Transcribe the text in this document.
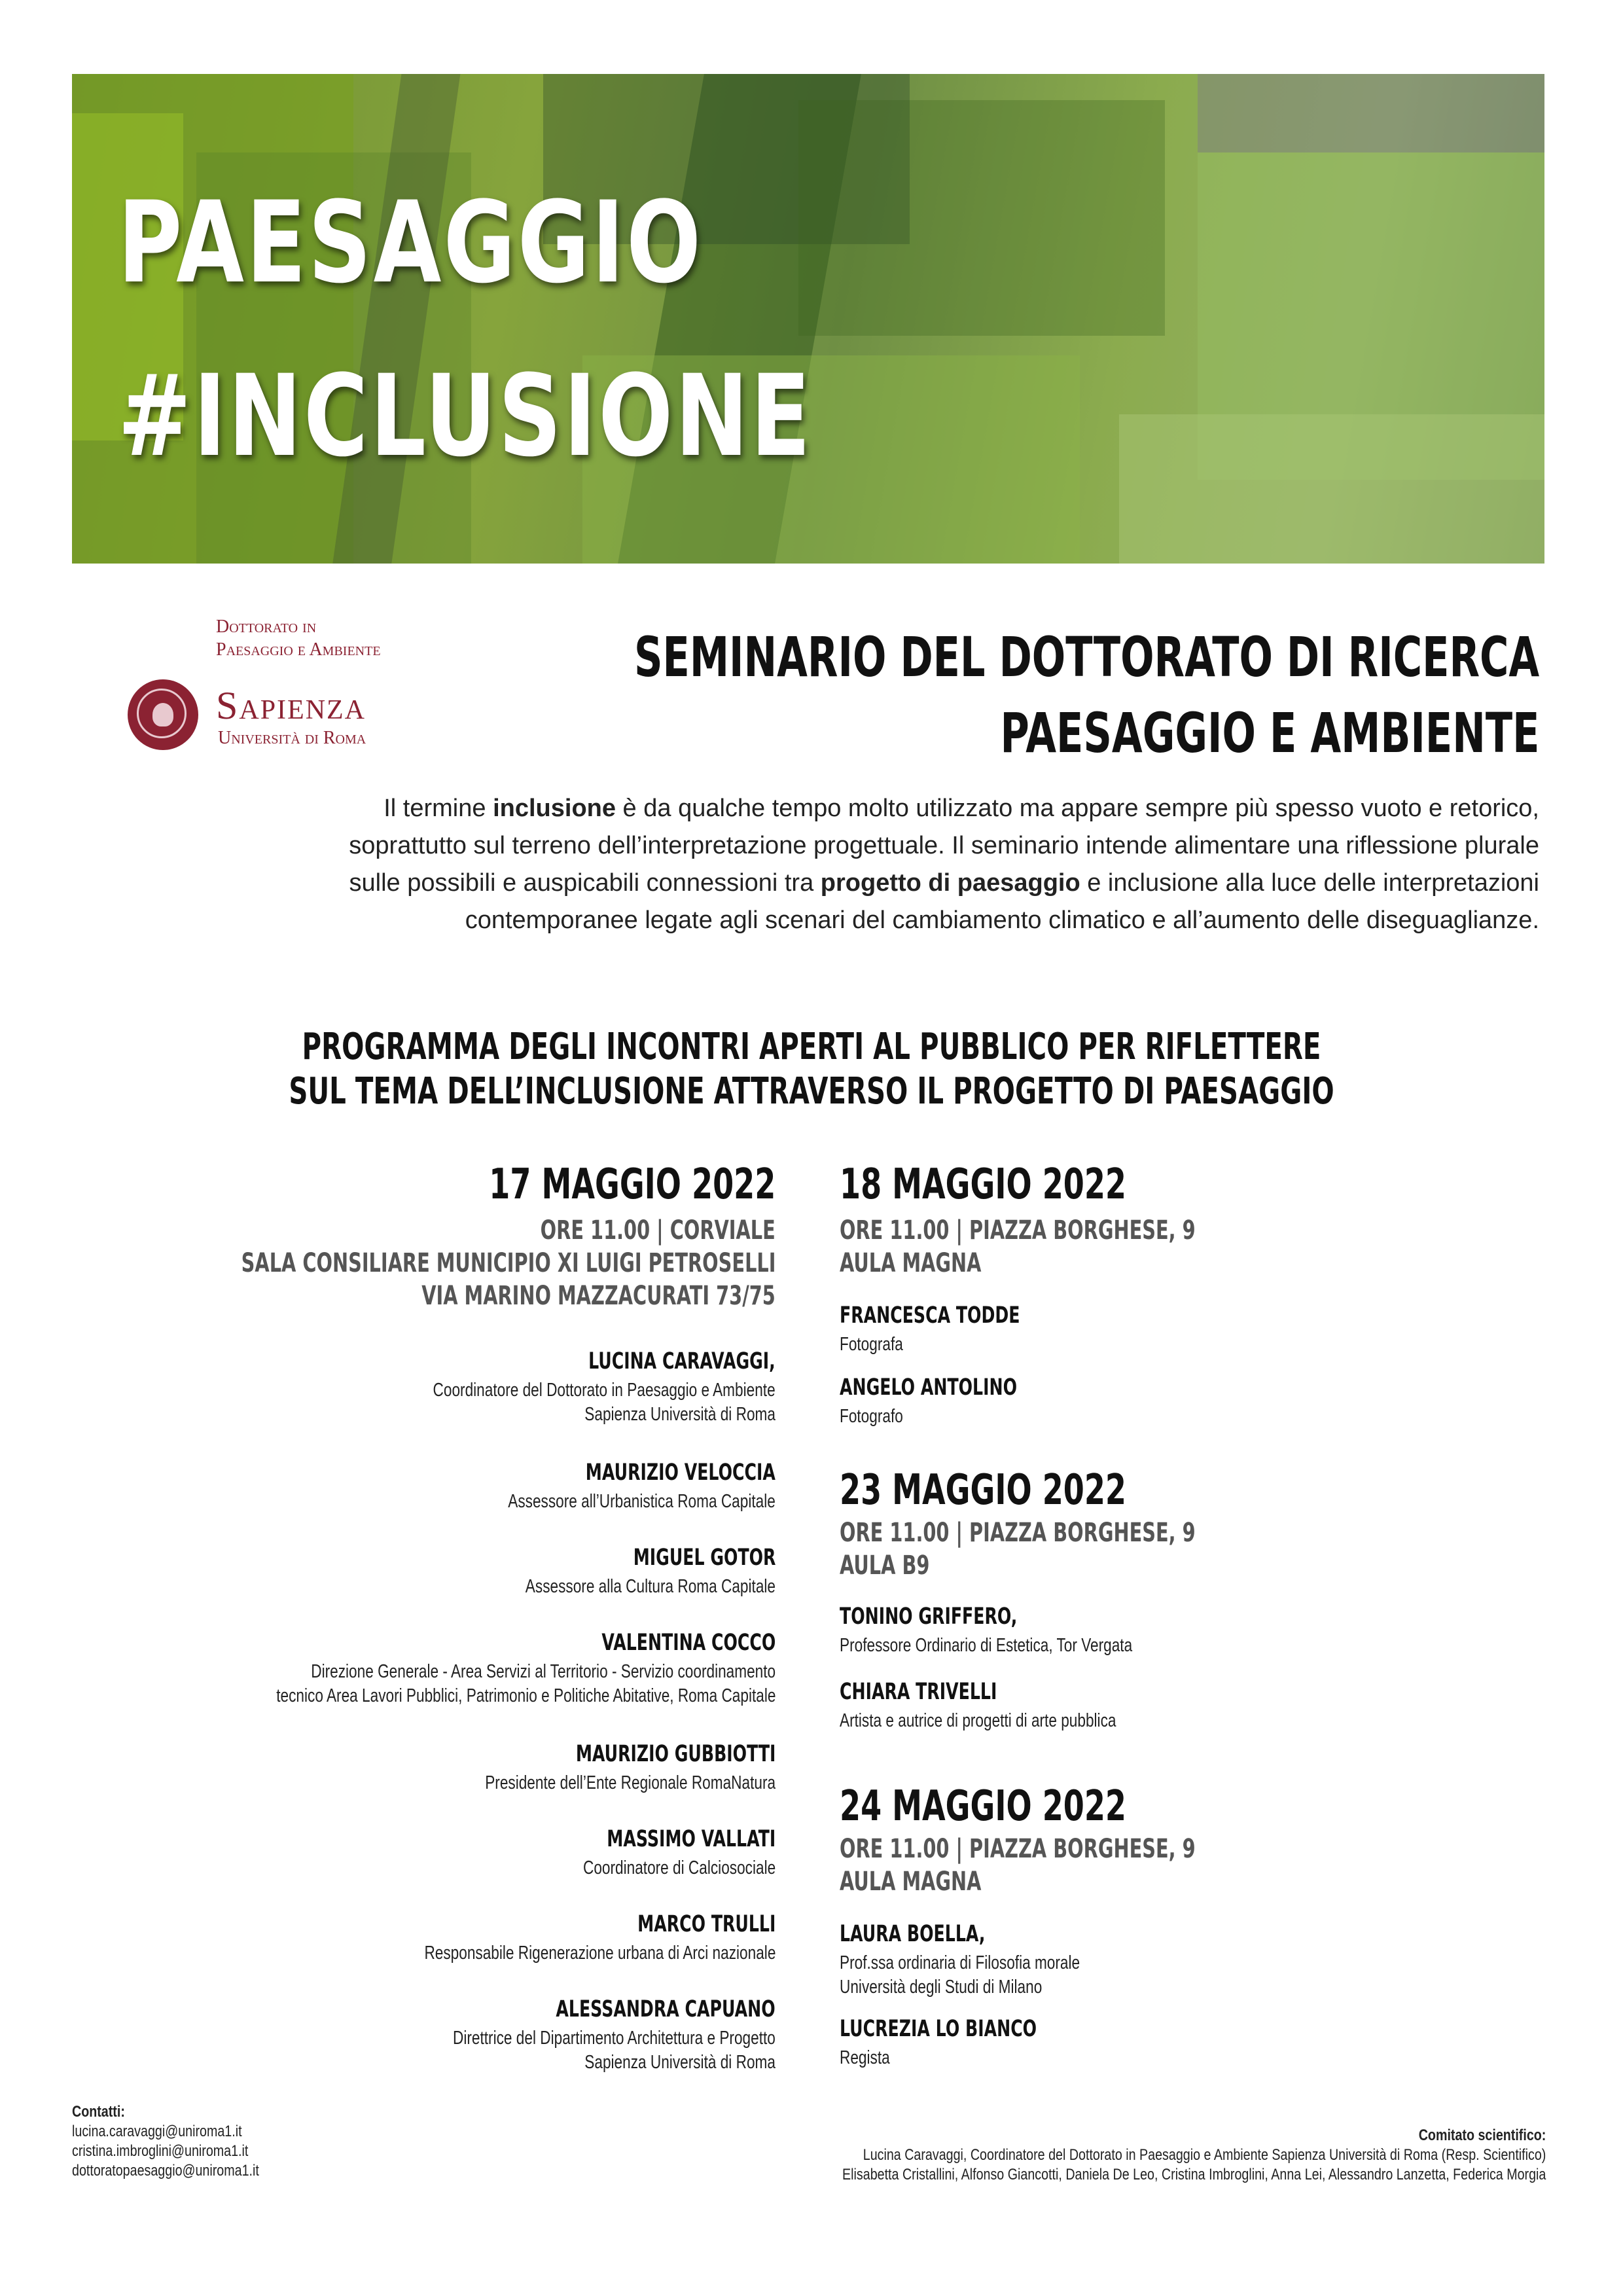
PAESAGGIO
#INCLUSIONE
Dottorato in
Paesaggio e Ambiente
Sapienza
Università di Roma
SEMINARIO DEL DOTTORATO DI RICERCA
PAESAGGIO E AMBIENTE
Il termine inclusione è da qualche tempo molto utilizzato ma appare sempre più spesso vuoto e retorico,
soprattutto sul terreno dell’interpretazione progettuale. Il seminario intende alimentare una riflessione plurale
sulle possibili e auspicabili connessioni tra progetto di paesaggio e inclusione alla luce delle interpretazioni
contemporanee legate agli scenari del cambiamento climatico e all’aumento delle diseguaglianze.
PROGRAMMA DEGLI INCONTRI APERTI AL PUBBLICO PER RIFLETTERE
SUL TEMA DELL’INCLUSIONE ATTRAVERSO IL PROGETTO DI PAESAGGIO
17 MAGGIO 2022
ORE 11.00 | CORVIALE
SALA CONSILIARE MUNICIPIO XI LUIGI PETROSELLI
VIA MARINO MAZZACURATI 73/75
LUCINA CARAVAGGI,
Coordinatore del Dottorato in Paesaggio e Ambiente
Sapienza Università di Roma
MAURIZIO VELOCCIA
Assessore all’Urbanistica Roma Capitale
MIGUEL GOTOR
Assessore alla Cultura Roma Capitale
VALENTINA COCCO
Direzione Generale - Area Servizi al Territorio - Servizio coordinamento
tecnico Area Lavori Pubblici, Patrimonio e Politiche Abitative, Roma Capitale
MAURIZIO GUBBIOTTI
Presidente dell’Ente Regionale RomaNatura
MASSIMO VALLATI
Coordinatore di Calciosociale
MARCO TRULLI
Responsabile Rigenerazione urbana di Arci nazionale
ALESSANDRA CAPUANO
Direttrice del Dipartimento Architettura e Progetto
Sapienza Università di Roma
18 MAGGIO 2022
ORE 11.00 | PIAZZA BORGHESE, 9
AULA MAGNA
FRANCESCA TODDE
Fotografa
ANGELO ANTOLINO
Fotografo
23 MAGGIO 2022
ORE 11.00 | PIAZZA BORGHESE, 9
AULA B9
TONINO GRIFFERO,
Professore Ordinario di Estetica, Tor Vergata
CHIARA TRIVELLI
Artista e autrice di progetti di arte pubblica
24 MAGGIO 2022
ORE 11.00 | PIAZZA BORGHESE, 9
AULA MAGNA
LAURA BOELLA,
Prof.ssa ordinaria di Filosofia morale
Università degli Studi di Milano
LUCREZIA LO BIANCO
Regista
Contatti:
lucina.caravaggi@uniroma1.it
cristina.imbroglini@uniroma1.it
dottoratopaesaggio@uniroma1.it
Comitato scientifico:
Lucina Caravaggi, Coordinatore del Dottorato in Paesaggio e Ambiente Sapienza Università di Roma (Resp. Scientifico)
Elisabetta Cristallini, Alfonso Giancotti, Daniela De Leo, Cristina Imbroglini, Anna Lei, Alessandro Lanzetta, Federica Morgia
